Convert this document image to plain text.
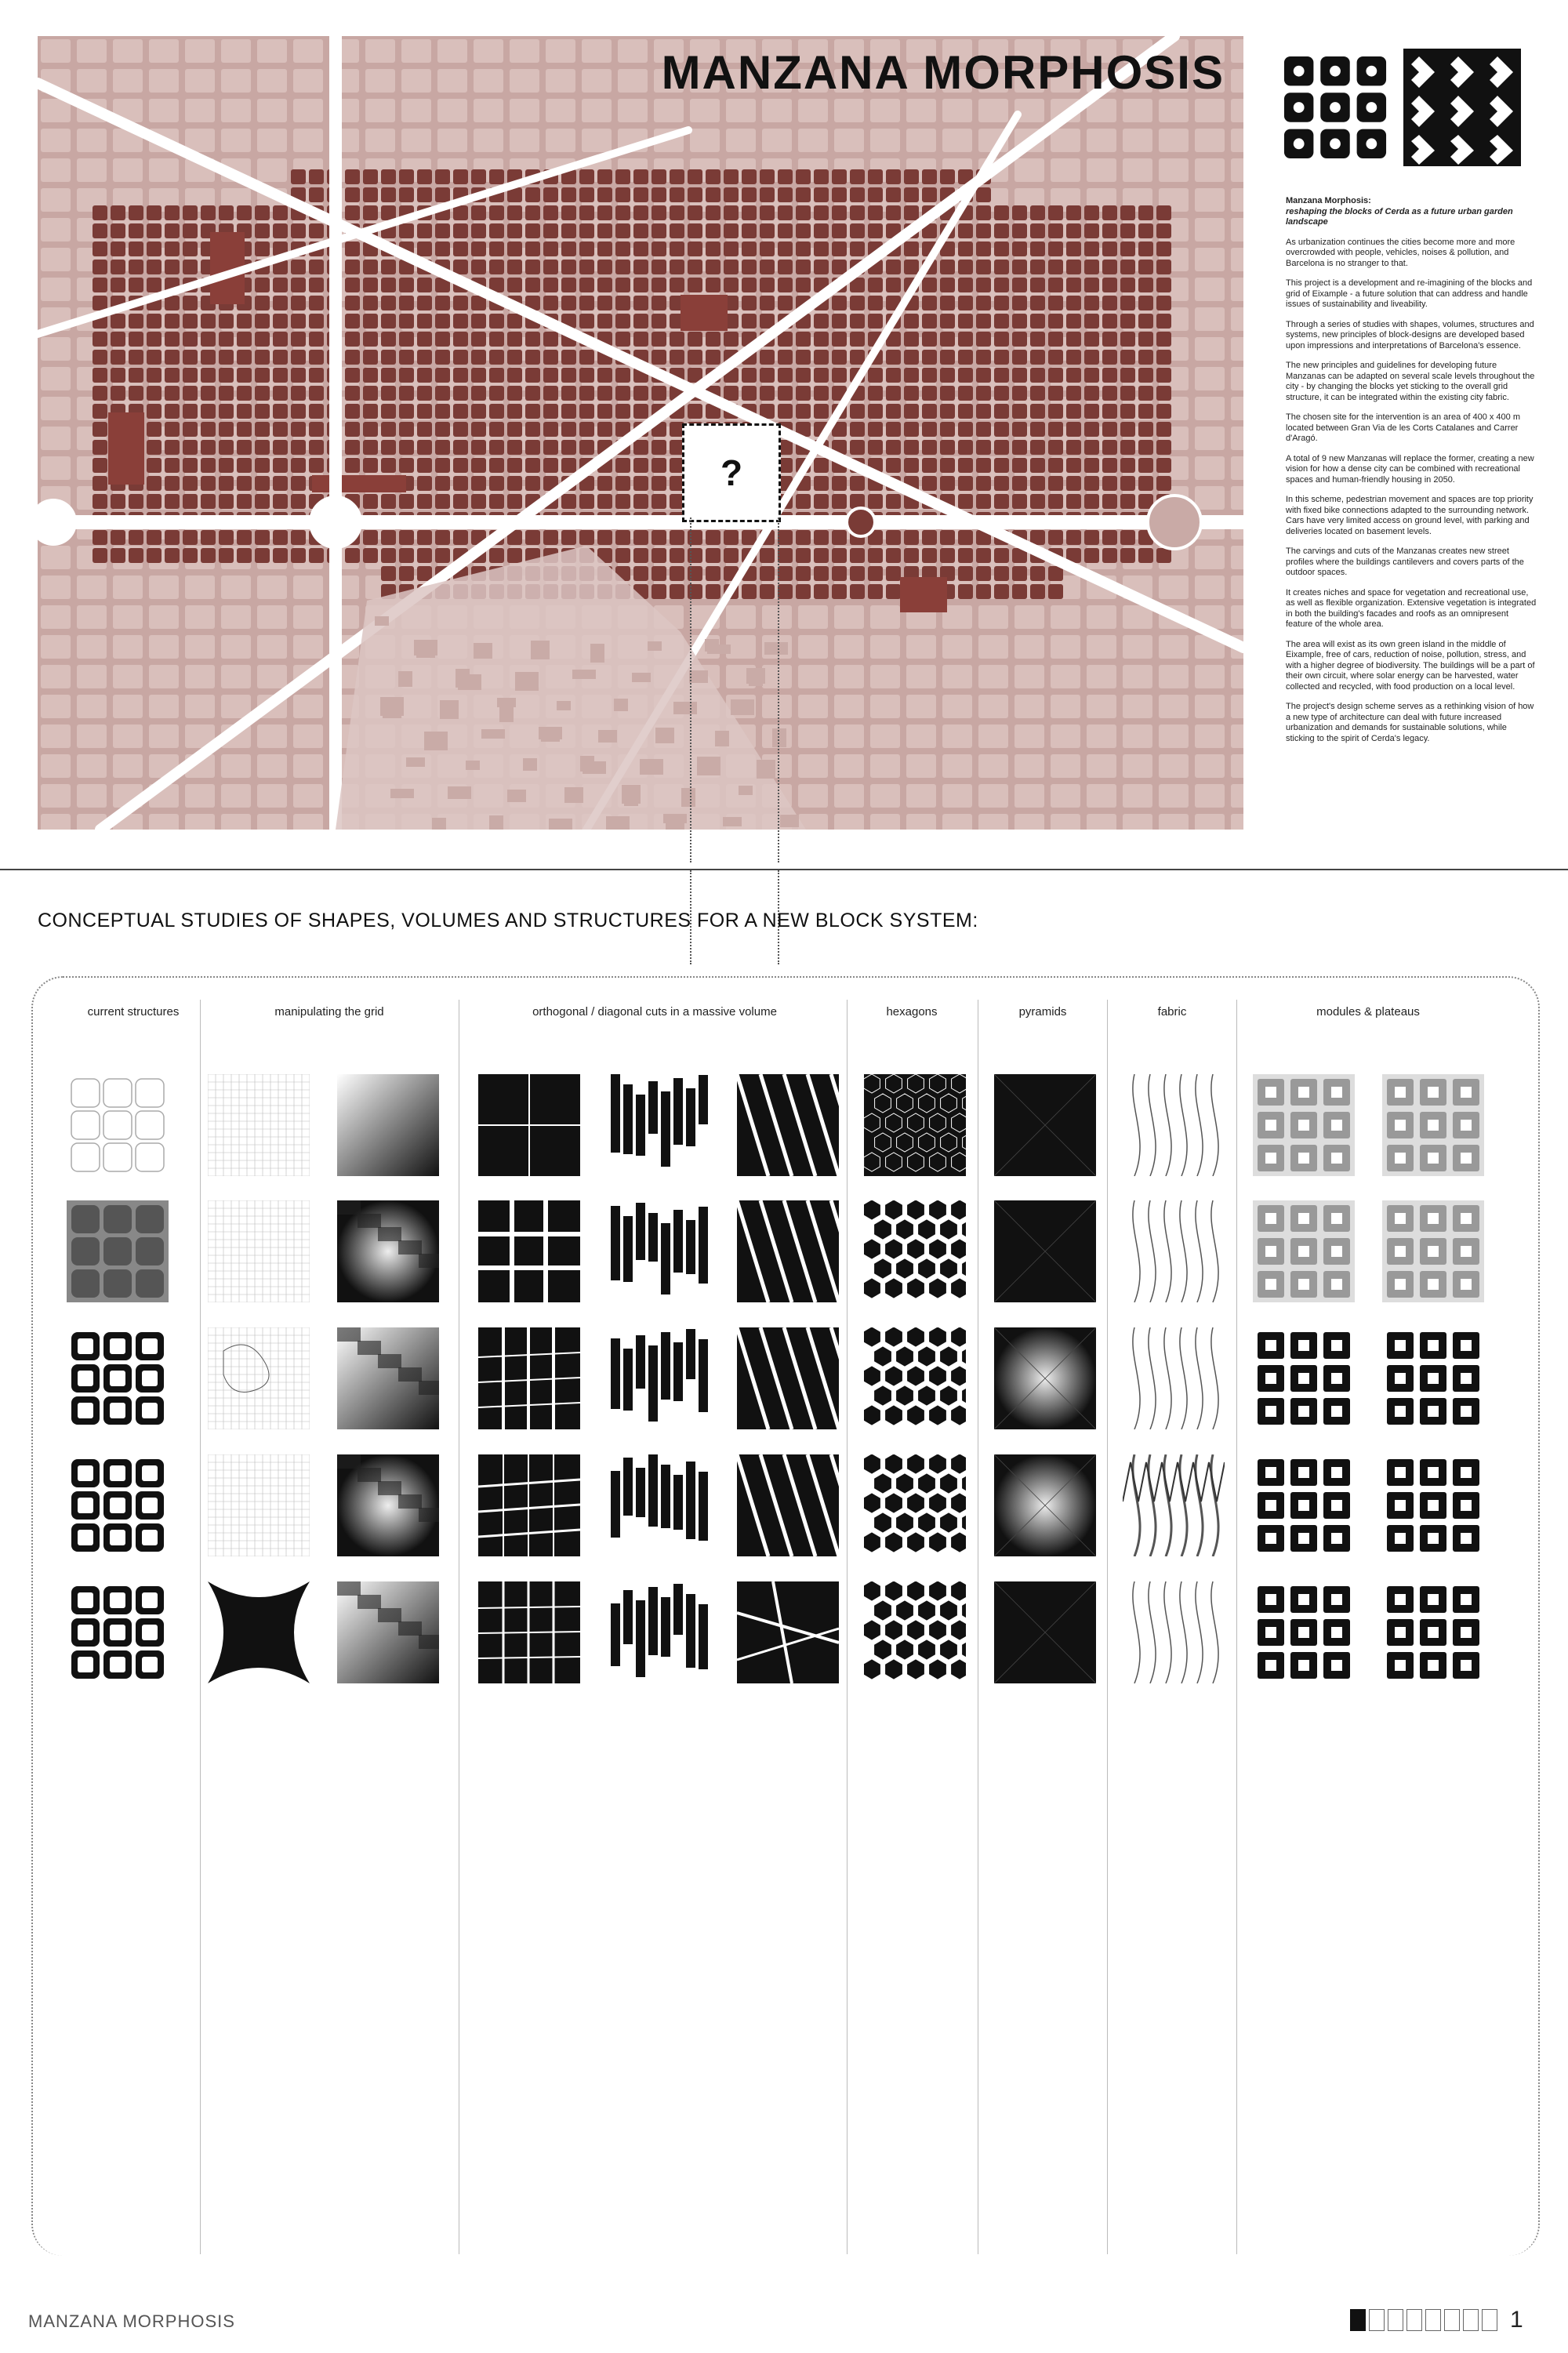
?
MANZANA MORPHOSIS
Manzana Morphosis:
reshaping the blocks of Cerda as a future urban garden landscape

As urbanization continues the cities become more and more overcrowded with people, vehicles, noises & pollution, and Barcelona is no stranger to that.

This project is a development and re-imagining of the blocks and grid of Eixample - a future solution that can address and handle issues of sustainability and liveability.

Through a series of studies with shapes, volumes, structures and systems, new principles of block-designs are developed based upon impressions and interpretations of Barcelona's essence.

The new principles and guidelines for developing future Manzanas can be adapted on several scale levels throughout the city - by changing the blocks yet sticking to the overall grid structure, it can be integrated within the existing city fabric.

The chosen site for the intervention is an area of 400 x 400 m located between Gran Via de les Corts Catalanes and Carrer d'Aragó.

A total of 9 new Manzanas will replace the former, creating a new vision for how a dense city can be combined with recreational spaces and human-friendly housing in 2050.

In this scheme, pedestrian movement and spaces are top priority with fixed bike connections adapted to the surrounding network. Cars have very limited access on ground level, with parking and deliveries located on basement levels.

The carvings and cuts of the Manzanas creates new street profiles where the buildings cantilevers and covers parts of the outdoor spaces.

It creates niches and space for vegetation and recreational use, as well as flexible organization. Extensive vegetation is integrated in both the building's facades and roofs as an omnipresent feature of the whole area.

The area will exist as its own green island in the middle of Eixample, free of cars, reduction of noise, pollution, stress, and with a higher degree of biodiversity. The buildings will be a part of their own circuit, where solar energy can be harvested, water collected and recycled, with food production on a local level.

The project's design scheme serves as a rethinking vision of how a new type of architecture can deal with future increased urbanization and demands for sustainable solutions, while sticking to the spirit of Cerda's legacy.

CONCEPTUAL STUDIES OF SHAPES, VOLUMES AND STRUCTURES FOR A NEW BLOCK SYSTEM:
current structures	manipulating the grid	orthogonal / diagonal cuts in a massive volume	hexagons	pyramids	fabric	modules & plateaus
MANZANA MORPHOSIS	1
